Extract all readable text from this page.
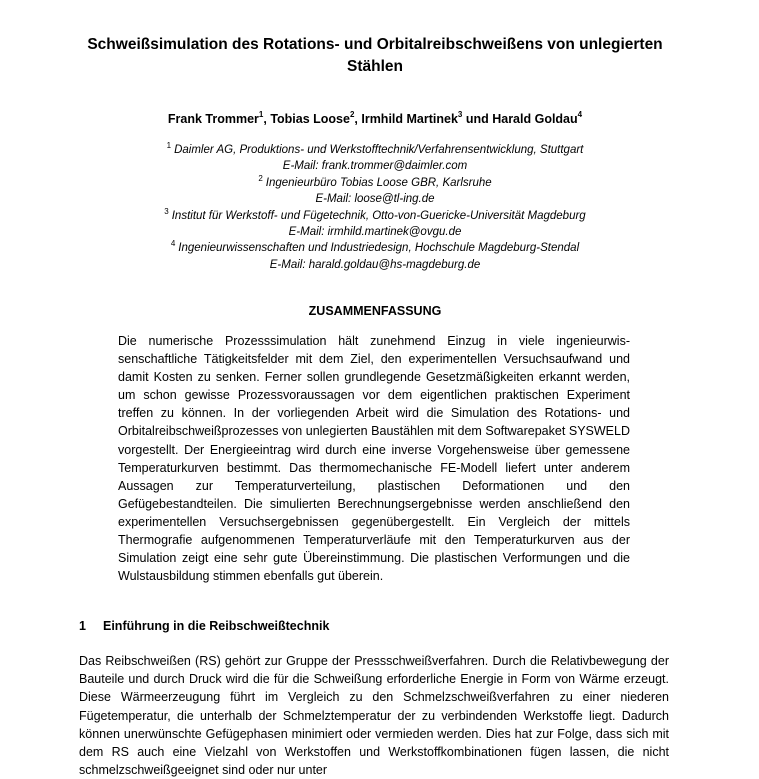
Schweißsimulation des Rotations- und Orbitalreibschweißens von unlegierten Stählen
Frank Trommer$^1$, Tobias Loose$^2$, Irmhild Martinek$^3$ und Harald Goldau$^4$
$^1$ Daimler AG, Produktions- und Werkstofftechnik/Verfahrensentwicklung, Stuttgart
E-Mail: frank.trommer@daimler.com
$^2$ Ingenieurbüro Tobias Loose GBR, Karlsruhe
E-Mail: loose@tl-ing.de
$^3$ Institut für Werkstoff- und Fügetechnik, Otto-von-Guericke-Universität Magdeburg
E-Mail: irmhild.martinek@ovgu.de
$^4$ Ingenieurwissenschaften und Industriedesign, Hochschule Magdeburg-Stendal
E-Mail: harald.goldau@hs-magdeburg.de
ZUSAMMENFASSUNG

Die numerische Prozesssimulation hält zunehmend Einzug in viele ingenieurwissenschaftliche Tätigkeitsfelder mit dem Ziel, den experimentellen Versuchsaufwand und damit Kosten zu senken. Ferner sollen grundlegende Gesetzmäßigkeiten erkannt werden, um schon gewisse Prozessvoraussagen vor dem eigentlichen praktischen Experiment treffen zu können. In der vorliegenden Arbeit wird die Simulation des Rotations- und Orbitalreibschweißprozesses von unlegierten Baustählen mit dem Softwarepaket SYSWELD vorgestellt. Der Energieeintrag wird durch eine inverse Vorgehensweise über gemessene Temperaturkurven bestimmt. Das thermomechanische FE-Modell liefert unter anderem Aussagen zur Temperaturverteilung, plastischen Deformationen und den Gefügebestandteilen. Die simulierten Berechnungsergebnisse werden anschließend den experimentellen Versuchsergebnissen gegenübergestellt. Ein Vergleich der mittels Thermografie aufgenommenen Temperaturverläufe mit den Temperaturkurven aus der Simulation zeigt eine sehr gute Übereinstimmung. Die plastischen Verformungen und die Wulstausbildung stimmen ebenfalls gut überein.

1 Einführung in die Reibschweißtechnik

Das Reibschweißen (RS) gehört zur Gruppe der Pressschweißverfahren. Durch die Relativbewegung der Bauteile und durch Druck wird die für die Schweißung erforderliche Energie in Form von Wärme erzeugt. Diese Wärmeerzeugung führt im Vergleich zu den Schmelzschweißverfahren zu einer niederen Fügetemperatur, die unterhalb der Schmelztemperatur der zu verbindenden Werkstoffe liegt. Dadurch können unerwünschte Gefügephasen minimiert oder vermieden werden. Dies hat zur Folge, dass sich mit dem RS auch eine Vielzahl von Werkstoffen und Werkstoffkombinationen fügen lassen, die nicht schmelzschweißgeeignet sind oder nur unter
